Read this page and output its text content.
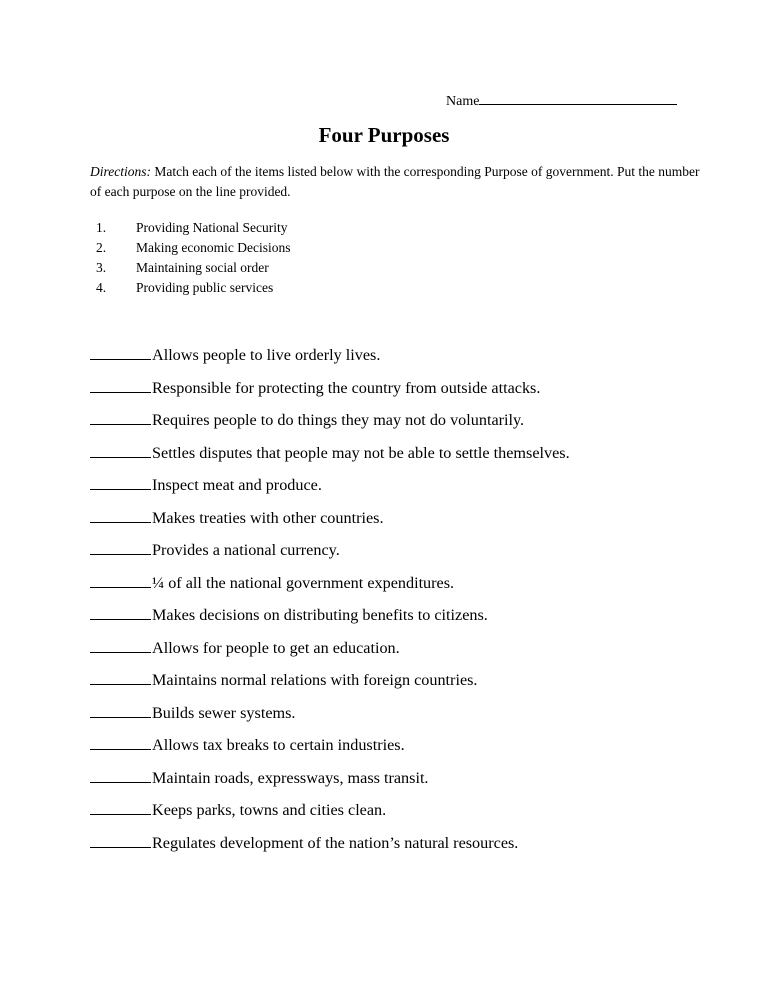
Name
Four Purposes

Directions: Match each of the items listed below with the corresponding Purpose of government. Put the number of each purpose on the line provided.

1. Providing National Security
2. Making economic Decisions
3. Maintaining social order
4. Providing public services
Allows people to live orderly lives.
Responsible for protecting the country from outside attacks.
Requires people to do things they may not do voluntarily.
Settles disputes that people may not be able to settle themselves.
Inspect meat and produce.
Makes treaties with other countries.
Provides a national currency.
¼ of all the national government expenditures.
Makes decisions on distributing benefits to citizens.
Allows for people to get an education.
Maintains normal relations with foreign countries.
Builds sewer systems.
Allows tax breaks to certain industries.
Maintain roads, expressways, mass transit.
Keeps parks, towns and cities clean.
Regulates development of the nation’s natural resources.
